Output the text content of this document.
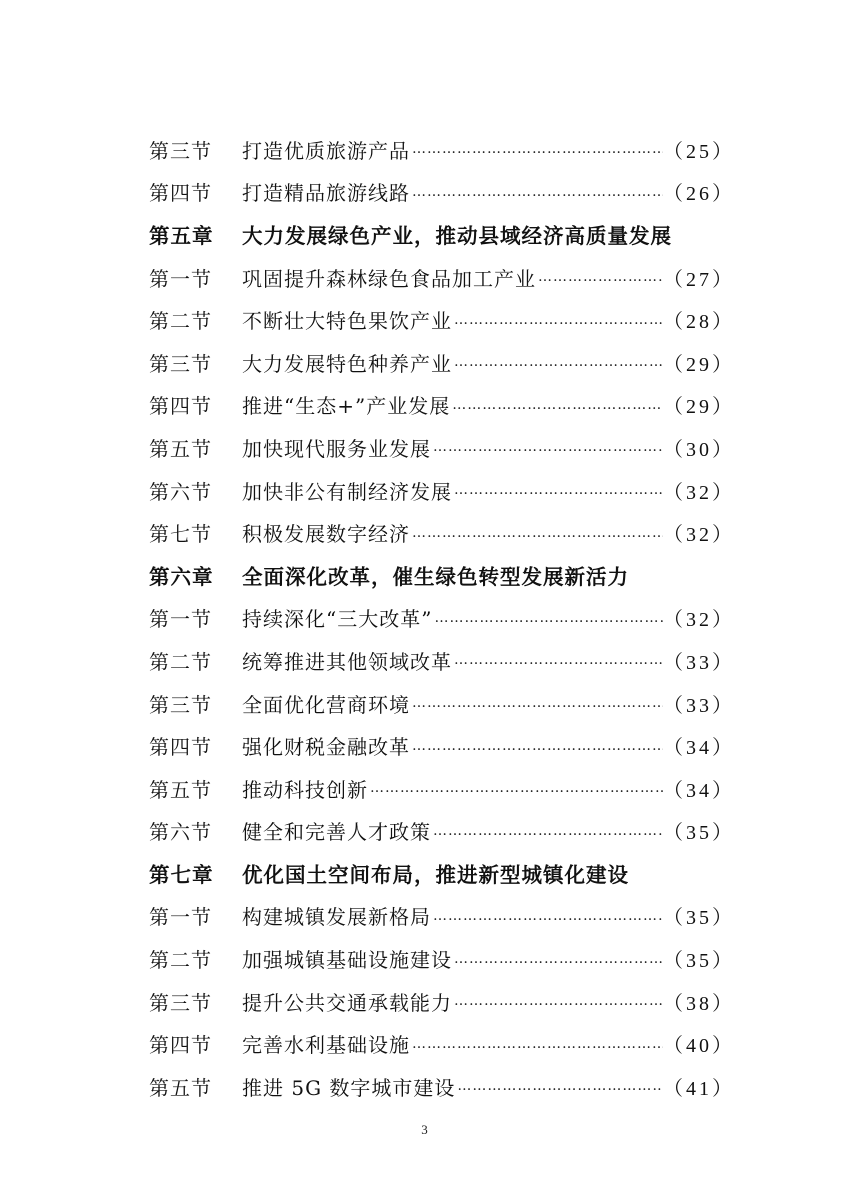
第三节	打造优质旅游产品 …………………………………………………………………………………………………………………………	（25）
第四节	打造精品旅游线路 …………………………………………………………………………………………………………………………	（26）
第五章	大力发展绿色产业，推动县域经济高质量发展
第一节	巩固提升森林绿色食品加工产业 …………………………………………………………………………………………………………………………	（27）
第二节	不断壮大特色果饮产业 …………………………………………………………………………………………………………………………	（28）
第三节	大力发展特色种养产业 …………………………………………………………………………………………………………………………	（29）
第四节	推进“生态+”产业发展 …………………………………………………………………………………………………………………………	（29）
第五节	加快现代服务业发展 …………………………………………………………………………………………………………………………	（30）
第六节	加快非公有制经济发展 …………………………………………………………………………………………………………………………	（32）
第七节	积极发展数字经济 …………………………………………………………………………………………………………………………	（32）
第六章	全面深化改革，催生绿色转型发展新活力
第一节	持续深化“三大改革” …………………………………………………………………………………………………………………………	（32）
第二节	统筹推进其他领域改革 …………………………………………………………………………………………………………………………	（33）
第三节	全面优化营商环境 …………………………………………………………………………………………………………………………	（33）
第四节	强化财税金融改革 …………………………………………………………………………………………………………………………	（34）
第五节	推动科技创新 …………………………………………………………………………………………………………………………	（34）
第六节	健全和完善人才政策 …………………………………………………………………………………………………………………………	（35）
第七章	优化国土空间布局，推进新型城镇化建设
第一节	构建城镇发展新格局 …………………………………………………………………………………………………………………………	（35）
第二节	加强城镇基础设施建设 …………………………………………………………………………………………………………………………	（35）
第三节	提升公共交通承载能力 …………………………………………………………………………………………………………………………	（38）
第四节	完善水利基础设施 …………………………………………………………………………………………………………………………	（40）
第五节	推进 5G 数字城市建设 …………………………………………………………………………………………………………………………	（41）
3
